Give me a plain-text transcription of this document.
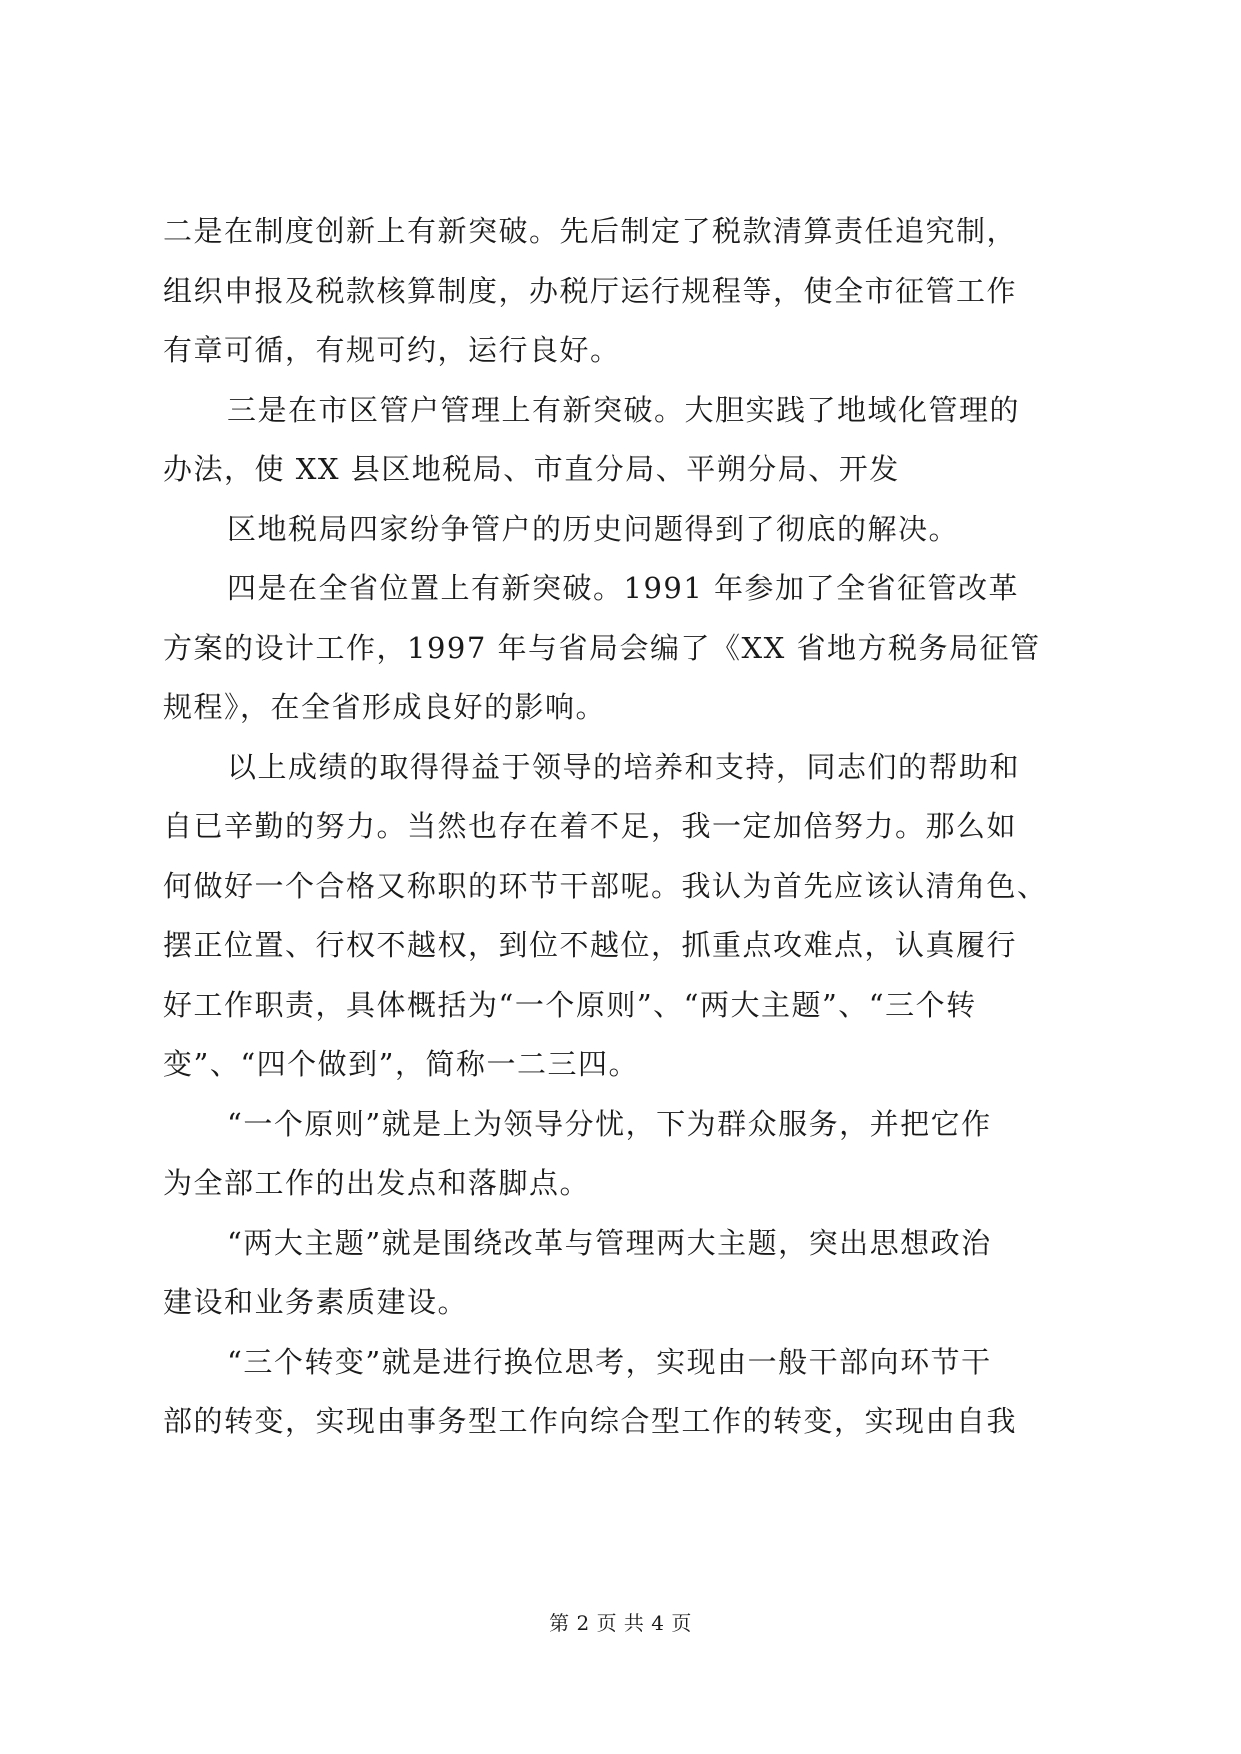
二是在制度创新上有新突破。先后制定了税款清算责任追究制，
组织申报及税款核算制度，办税厅运行规程等，使全市征管工作
有章可循，有规可约，运行良好。
三是在市区管户管理上有新突破。大胆实践了地域化管理的
办法，使 XX 县区地税局、市直分局、平朔分局、开发
区地税局四家纷争管户的历史问题得到了彻底的解决。
四是在全省位置上有新突破。1991 年参加了全省征管改革
方案的设计工作，1997 年与省局会编了《XX 省地方税务局征管
规程》，在全省形成良好的影响。
以上成绩的取得得益于领导的培养和支持，同志们的帮助和
自已辛勤的努力。当然也存在着不足，我一定加倍努力。那么如
何做好一个合格又称职的环节干部呢。我认为首先应该认清角色、
摆正位置、行权不越权，到位不越位，抓重点攻难点，认真履行
好工作职责，具体概括为“一个原则”、“两大主题”、“三个转
变”、“四个做到”，简称一二三四。
“一个原则”就是上为领导分忧，下为群众服务，并把它作
为全部工作的出发点和落脚点。
“两大主题”就是围绕改革与管理两大主题，突出思想政治
建设和业务素质建设。
“三个转变”就是进行换位思考，实现由一般干部向环节干
部的转变，实现由事务型工作向综合型工作的转变，实现由自我
第 2 页 共 4 页
